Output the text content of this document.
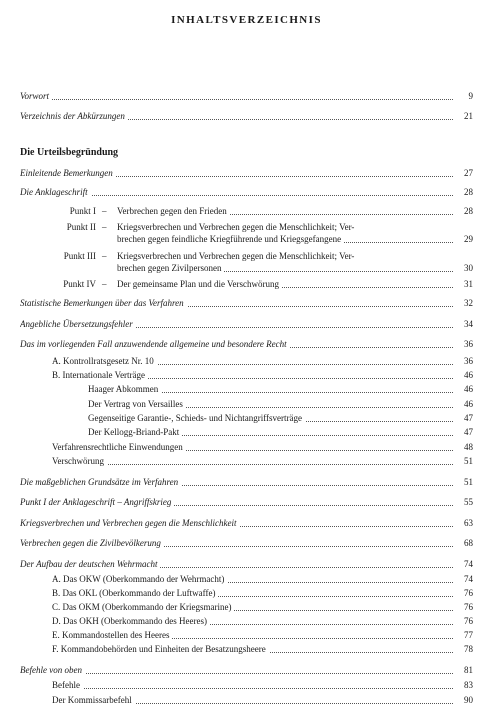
INHALTSVERZEICHNIS
Die Urteilsbegründung
Vorwort	9
Verzeichnis der Abkürzungen	21
Einleitende Bemerkungen	27
Die Anklageschrift	28
Punkt I – Verbrechen gegen den Frieden	28
Punkt II – Kriegsverbrechen und Verbrechen gegen die Menschlichkeit; Ver-
brechen gegen feindliche Kriegführende und Kriegsgefangene	29
Punkt III – Kriegsverbrechen und Verbrechen gegen die Menschlichkeit; Ver-
brechen gegen Zivilpersonen	30
Punkt IV – Der gemeinsame Plan und die Verschwörung	31
Statistische Bemerkungen über das Verfahren	32
Angebliche Übersetzungsfehler	34
Das im vorliegenden Fall anzuwendende allgemeine und besondere Recht	36
A. Kontrollratsgesetz Nr. 10	36
B. Internationale Verträge	46
Haager Abkommen	46
Der Vertrag von Versailles	46
Gegenseitige Garantie-, Schieds- und Nichtangriffsverträge	47
Der Kellogg-Briand-Pakt	47
Verfahrensrechtliche Einwendungen	48
Verschwörung	51
Die maßgeblichen Grundsätze im Verfahren	51
Punkt I der Anklageschrift – Angriffskrieg	55
Kriegsverbrechen und Verbrechen gegen die Menschlichkeit	63
Verbrechen gegen die Zivilbevölkerung	68
Der Aufbau der deutschen Wehrmacht	74
A. Das OKW (Oberkommando der Wehrmacht)	74
B. Das OKL (Oberkommando der Luftwaffe)	76
C. Das OKM (Oberkommando der Kriegsmarine)	76
D. Das OKH (Oberkommando des Heeres)	76
E. Kommandostellen des Heeres	77
F. Kommandobehörden und Einheiten der Besatzungsheere	78
Befehle von oben	81
Befehle	83
Der Kommissarbefehl	90
